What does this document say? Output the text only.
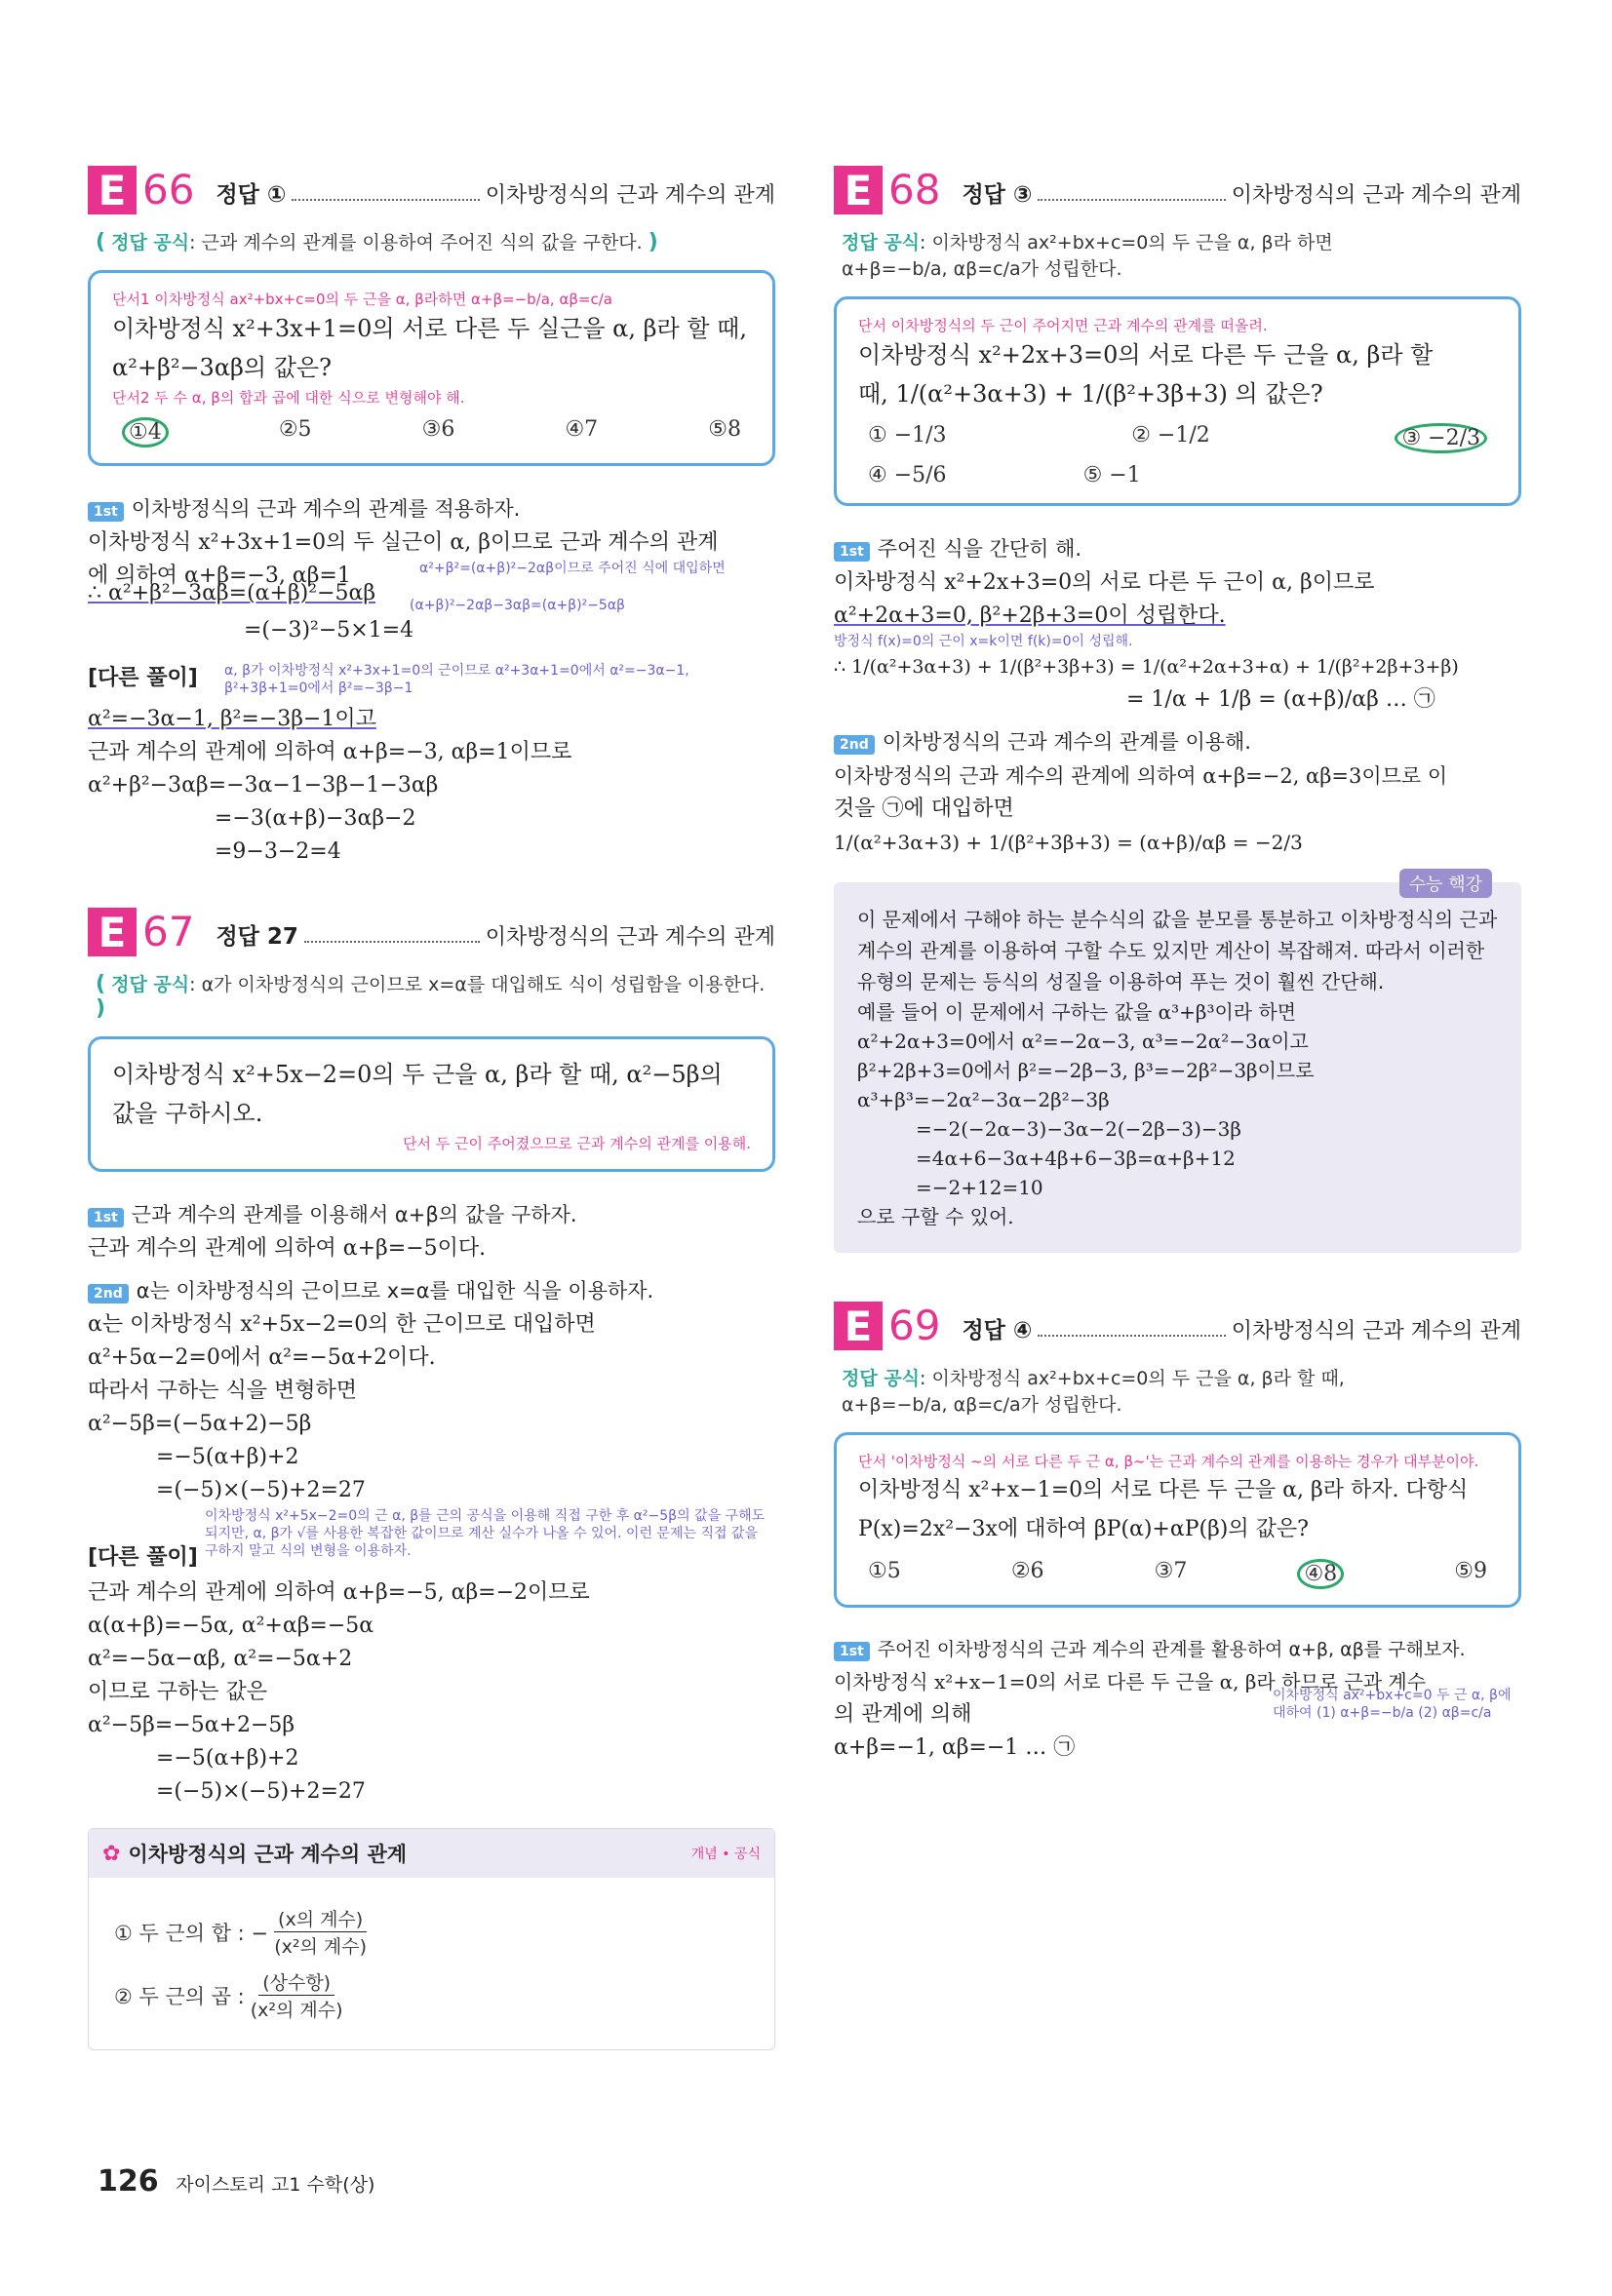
E 66 정답 ①	이차방정식의 근과 계수의 관계
( 정답 공식: 근과 계수의 관계를 이용하여 주어진 식의 값을 구한다. )
단서1 이차방정식 ax²+bx+c=0의 두 근을 α, β라하면 α+β=−b/a, αβ=c/a
이차방정식 x²+3x+1=0의 서로 다른 두 실근을 α, β라 할 때, α²+β²−3αβ의 값은?
단서2 두 수 α, β의 합과 곱에 대한 식으로 변형해야 해.
①4	②5	③6	④7	⑤8
1st 이차방정식의 근과 계수의 관계를 적용하자.
이차방정식 x²+3x+1=0의 두 실근이 α, β이므로 근과 계수의 관계
에 의하여 α+β=−3, αβ=1	α²+β²=(α+β)²−2αβ이므로 주어진 식에 대입하면
∴ α²+β²−3αβ=(α+β)²−5αβ	(α+β)²−2αβ−3αβ=(α+β)²−5αβ
=(−3)²−5×1=4
[다른 풀이]	α, β가 이차방정식 x²+3x+1=0의 근이므로 α²+3α+1=0에서 α²=−3α−1, β²+3β+1=0에서 β²=−3β−1
α²=−3α−1, β²=−3β−1이고
근과 계수의 관계에 의하여 α+β=−3, αβ=1이므로
α²+β²−3αβ=−3α−1−3β−1−3αβ
=−3(α+β)−3αβ−2
=9−3−2=4
E 67 정답 27	이차방정식의 근과 계수의 관계
( 정답 공식: α가 이차방정식의 근이므로 x=α를 대입해도 식이 성립함을 이용한다. )
이차방정식 x²+5x−2=0의 두 근을 α, β라 할 때, α²−5β의 값을 구하시오.
단서 두 근이 주어졌으므로 근과 계수의 관계를 이용해.
1st 근과 계수의 관계를 이용해서 α+β의 값을 구하자.
근과 계수의 관계에 의하여 α+β=−5이다.
2nd α는 이차방정식의 근이므로 x=α를 대입한 식을 이용하자.
α는 이차방정식 x²+5x−2=0의 한 근이므로 대입하면
α²+5α−2=0에서 α²=−5α+2이다.
따라서 구하는 식을 변형하면
α²−5β=(−5α+2)−5β
=−5(α+β)+2
=(−5)×(−5)+2=27
이차방정식 x²+5x−2=0의 근 α, β를 근의 공식을 이용해 직접 구한 후 α²−5β의 값을 구해도 되지만, α, β가 √를 사용한 복잡한 값이므로 계산 실수가 나올 수 있어. 이런 문제는 직접 값을 구하지 말고 식의 변형을 이용하자.
[다른 풀이]
근과 계수의 관계에 의하여 α+β=−5, αβ=−2이므로
α(α+β)=−5α, α²+αβ=−5α
α²=−5α−αβ, α²=−5α+2
이므로 구하는 값은
α²−5β=−5α+2−5β
=−5(α+β)+2
=(−5)×(−5)+2=27
✿ 이차방정식의 근과 계수의 관계	개념 • 공식
① 두 근의 합 : − $\frac{\text{(x의 계수)}}{\text{(x²의 계수)}}$
② 두 근의 곱 : $\frac{\text{(상수항)}}{\text{(x²의 계수)}}$
E 68 정답 ③	이차방정식의 근과 계수의 관계
정답 공식: 이차방정식 ax²+bx+c=0의 두 근을 α, β라 하면
α+β=−b/a, αβ=c/a가 성립한다.
단서 이차방정식의 두 근이 주어지면 근과 계수의 관계를 떠올려.
이차방정식 x²+2x+3=0의 서로 다른 두 근을 α, β라 할
때, 1/(α²+3α+3) + 1/(β²+3β+3) 의 값은?
① −1/3	② −1/2	③ −2/3
④ −5/6	⑤ −1
1st 주어진 식을 간단히 해.
이차방정식 x²+2x+3=0의 서로 다른 두 근이 α, β이므로
α²+2α+3=0, β²+2β+3=0이 성립한다.
방정식 f(x)=0의 근이 x=k이면 f(k)=0이 성립해.
∴ 1/(α²+3α+3) + 1/(β²+3β+3) = 1/(α²+2α+3+α) + 1/(β²+2β+3+β)
= 1/α + 1/β = (α+β)/αβ … ㉠
2nd 이차방정식의 근과 계수의 관계를 이용해.
이차방정식의 근과 계수의 관계에 의하여 α+β=−2, αβ=3이므로 이
것을 ㉠에 대입하면
1/(α²+3α+3) + 1/(β²+3β+3) = (α+β)/αβ = −2/3
수능 핵강
이 문제에서 구해야 하는 분수식의 값을 분모를 통분하고 이차방정식의 근과 계수의 관계를 이용하여 구할 수도 있지만 계산이 복잡해져. 따라서 이러한 유형의 문제는 등식의 성질을 이용하여 푸는 것이 훨씬 간단해.
예를 들어 이 문제에서 구하는 값을 α³+β³이라 하면
α²+2α+3=0에서 α²=−2α−3, α³=−2α²−3α이고
β²+2β+3=0에서 β²=−2β−3, β³=−2β²−3β이므로
α³+β³=−2α²−3α−2β²−3β
=−2(−2α−3)−3α−2(−2β−3)−3β
=4α+6−3α+4β+6−3β=α+β+12
=−2+12=10
으로 구할 수 있어.
E 69 정답 ④	이차방정식의 근과 계수의 관계
정답 공식: 이차방정식 ax²+bx+c=0의 두 근을 α, β라 할 때,
α+β=−b/a, αβ=c/a가 성립한다.
단서 '이차방정식 ~의 서로 다른 두 근 α, β~'는 근과 계수의 관계를 이용하는 경우가 대부분이야.
이차방정식 x²+x−1=0의 서로 다른 두 근을 α, β라 하자. 다항식 P(x)=2x²−3x에 대하여 βP(α)+αP(β)의 값은?
①5	②6	③7	④8	⑤9
1st 주어진 이차방정식의 근과 계수의 관계를 활용하여 α+β, αβ를 구해보자.
이차방정식 x²+x−1=0의 서로 다른 두 근을 α, β라 하므로 근과 계수
의 관계에 의해
α+β=−1, αβ=−1 … ㉠
이차방정식 ax²+bx+c=0 두 근 α, β에 대하여 (1) α+β=−b/a (2) αβ=c/a
126 자이스토리 고1 수학(상)
